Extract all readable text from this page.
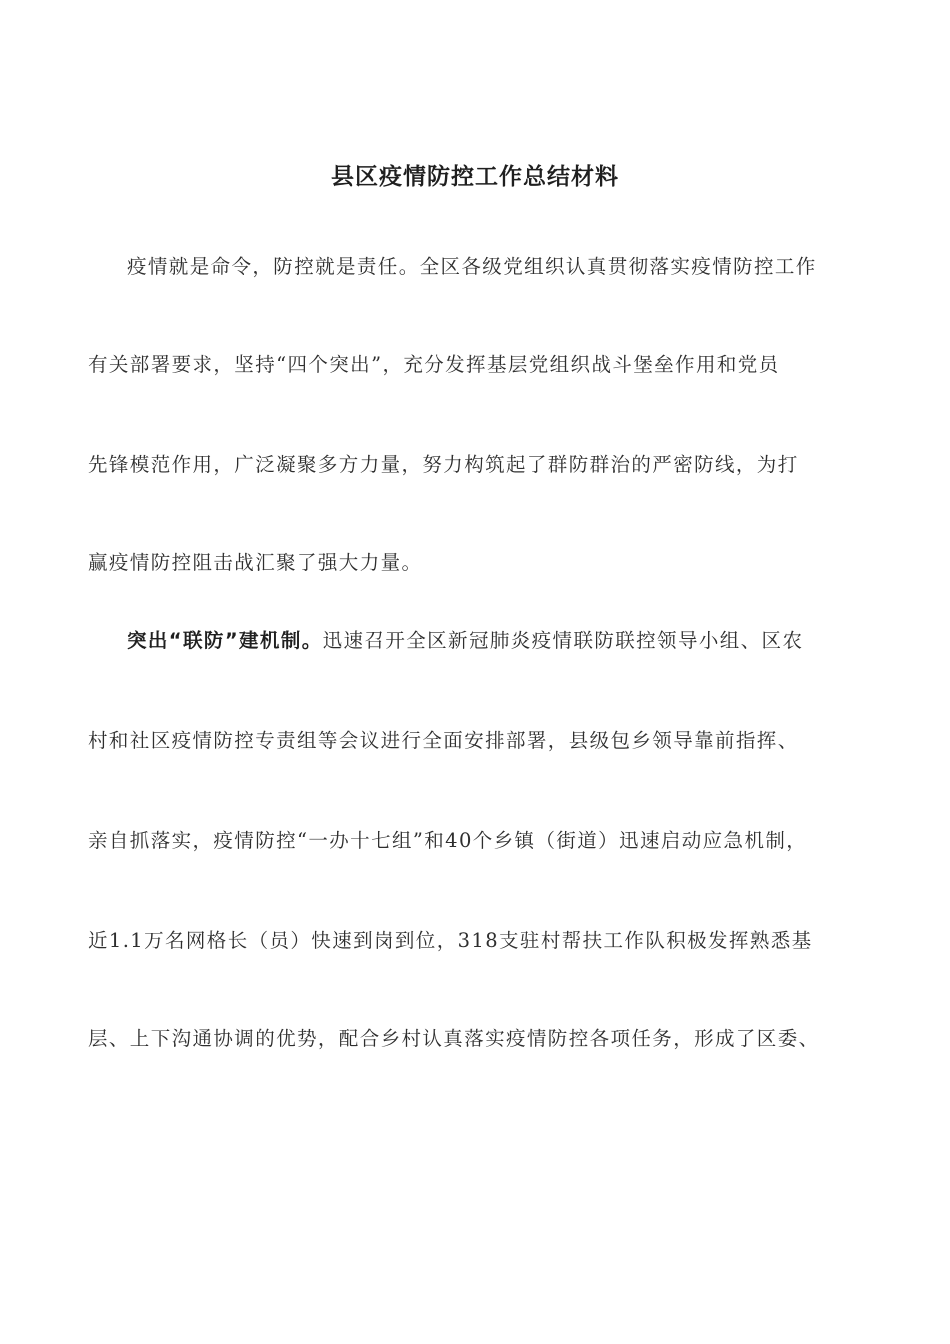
县区疫情防控工作总结材料
疫情就是命令，防控就是责任。全区各级党组织认真贯彻落实疫情防控工作
有关部署要求，坚持“四个突出”，充分发挥基层党组织战斗堡垒作用和党员
先锋模范作用，广泛凝聚多方力量，努力构筑起了群防群治的严密防线，为打
赢疫情防控阻击战汇聚了强大力量。
突出“联防”建机制。迅速召开全区新冠肺炎疫情联防联控领导小组、区农
村和社区疫情防控专责组等会议进行全面安排部署，县级包乡领导靠前指挥、
亲自抓落实，疫情防控“一办十七组”和40个乡镇（街道）迅速启动应急机制，
近1.1万名网格长（员）快速到岗到位，318支驻村帮扶工作队积极发挥熟悉基
层、上下沟通协调的优势，配合乡村认真落实疫情防控各项任务，形成了区委、
